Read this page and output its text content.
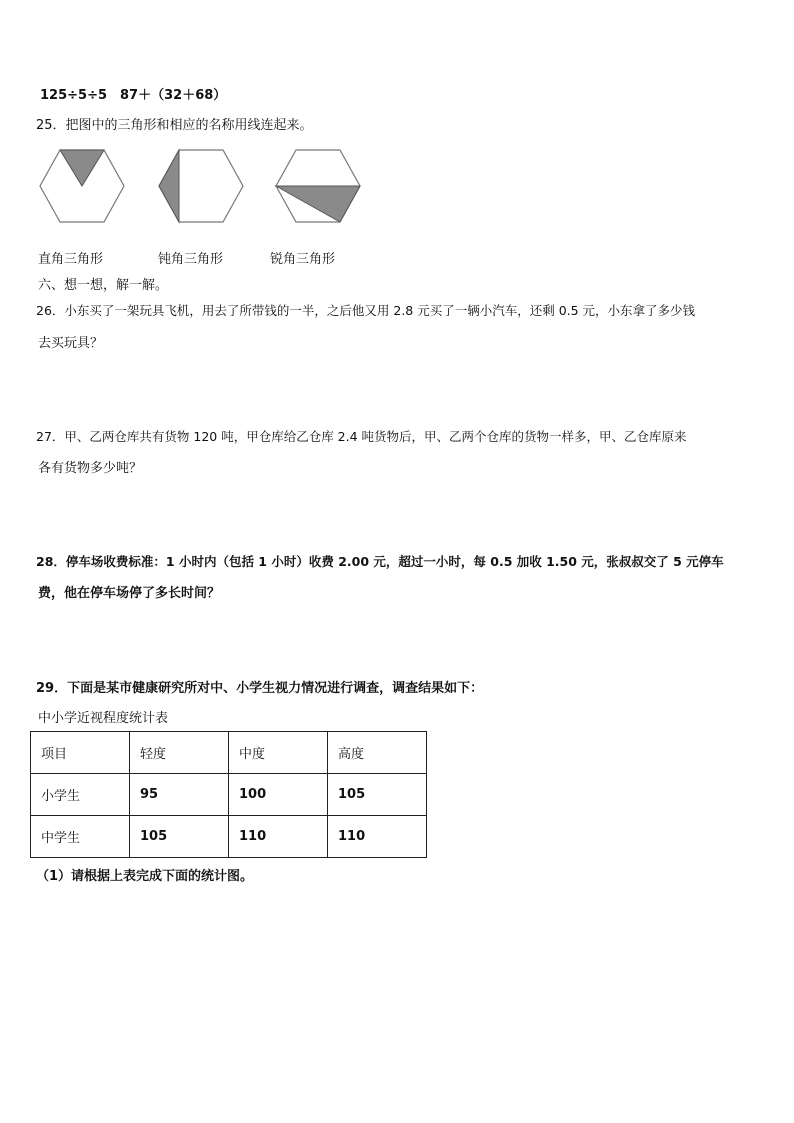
125÷5÷5　87＋（32＋68）
25．把图中的三角形和相应的名称用线连起来。
直角三角形	钝角三角形	锐角三角形
六、想一想，解一解。
26．小东买了一架玩具飞机，用去了所带钱的一半，之后他又用 2.8 元买了一辆小汽车，还剩 0.5 元，小东拿了多少钱
去买玩具？
27．甲、乙两仓库共有货物 120 吨，甲仓库给乙仓库 2.4 吨货物后，甲、乙两个仓库的货物一样多，甲、乙仓库原来
各有货物多少吨？
28．停车场收费标准：1 小时内（包括 1 小时）收费 2.00 元，超过一小时，每 0.5 加收 1.50 元，张叔叔交了 5 元停车
费，他在停车场停了多长时间？
29．下面是某市健康研究所对中、小学生视力情况进行调查，调查结果如下：
中小学近视程度统计表
项目	轻度	中度	高度
小学生	95	100	105
中学生	105	110	110
（1）请根据上表完成下面的统计图。
